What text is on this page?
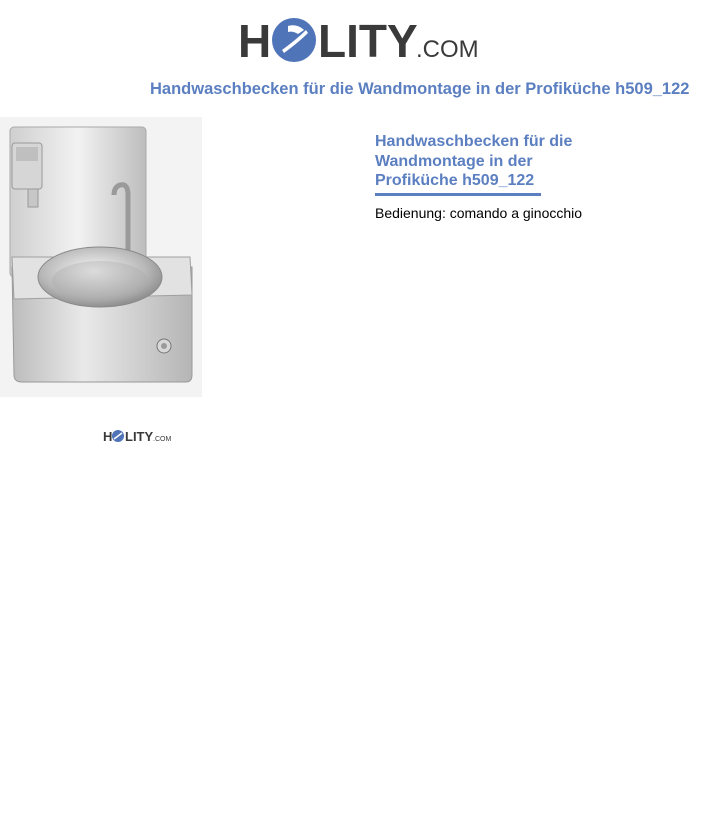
H LITY
.COM
Handwaschbecken für die Wandmontage in der Profiküche h509_122
H LITY .COM
Handwaschbecken für die Wandmontage in der Profiküche h509_122
Bedienung: comando a ginocchio
